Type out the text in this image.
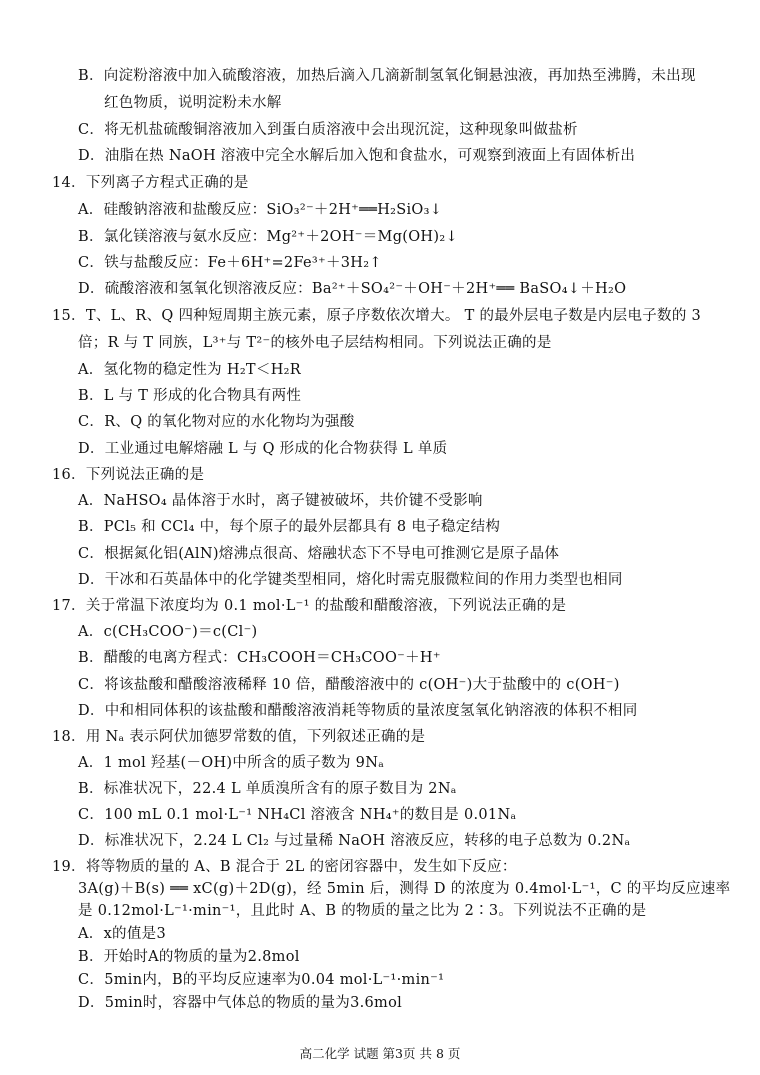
B．向淀粉溶液中加入硫酸溶液，加热后滴入几滴新制氢氧化铜悬浊液，再加热至沸腾，未出现
红色物质，说明淀粉未水解
C．将无机盐硫酸铜溶液加入到蛋白质溶液中会出现沉淀，这种现象叫做盐析
D．油脂在热 NaOH 溶液中完全水解后加入饱和食盐水，可观察到液面上有固体析出
14．下列离子方程式正确的是
A．硅酸钠溶液和盐酸反应：SiO₃²⁻＋2H⁺══H₂SiO₃↓
B．氯化镁溶液与氨水反应：Mg²⁺＋2OH⁻＝Mg(OH)₂↓
C．铁与盐酸反应：Fe＋6H⁺=2Fe³⁺＋3H₂↑
D．硫酸溶液和氢氧化钡溶液反应：Ba²⁺＋SO₄²⁻＋OH⁻＋2H⁺══ BaSO₄↓＋H₂O
15．T、L、R、Q 四种短周期主族元素，原子序数依次增大。 T 的最外层电子数是内层电子数的 3
倍；R 与 T 同族，L³⁺与 T²⁻的核外电子层结构相同。下列说法正确的是
A．氢化物的稳定性为 H₂T＜H₂R
B．L 与 T 形成的化合物具有两性
C．R、Q 的氧化物对应的水化物均为强酸
D．工业通过电解熔融 L 与 Q 形成的化合物获得 L 单质
16．下列说法正确的是
A．NaHSO₄ 晶体溶于水时，离子键被破坏，共价键不受影响
B．PCl₅ 和 CCl₄ 中，每个原子的最外层都具有 8 电子稳定结构
C．根据氮化铝(AlN)熔沸点很高、熔融状态下不导电可推测它是原子晶体
D．干冰和石英晶体中的化学键类型相同，熔化时需克服微粒间的作用力类型也相同
17．关于常温下浓度均为 0.1 mol·L⁻¹ 的盐酸和醋酸溶液，下列说法正确的是
A．c(CH₃COO⁻)＝c(Cl⁻)
B．醋酸的电离方程式：CH₃COOH＝CH₃COO⁻＋H⁺
C．将该盐酸和醋酸溶液稀释 10 倍，醋酸溶液中的 c(OH⁻)大于盐酸中的 c(OH⁻)
D．中和相同体积的该盐酸和醋酸溶液消耗等物质的量浓度氢氧化钠溶液的体积不相同
18．用 Nₐ 表示阿伏加德罗常数的值，下列叙述正确的是
A．1 mol 羟基(－OH)中所含的质子数为 9Nₐ
B．标准状况下，22.4 L 单质溴所含有的原子数目为 2Nₐ
C．100 mL 0.1 mol·L⁻¹ NH₄Cl 溶液含 NH₄⁺的数目是 0.01Nₐ
D．标准状况下，2.24 L Cl₂ 与过量稀 NaOH 溶液反应，转移的电子总数为 0.2Nₐ
19．将等物质的量的 A、B 混合于 2L 的密闭容器中，发生如下反应：
3A(g)＋B(s) ══ xC(g)＋2D(g)，经 5min 后，测得 D 的浓度为 0.4mol·L⁻¹，C 的平均反应速率
是 0.12mol·L⁻¹·min⁻¹，且此时 A、B 的物质的量之比为 2∶3。下列说法不正确的是
A．x的值是3
B．开始时A的物质的量为2.8mol
C．5min内，B的平均反应速率为0.04 mol·L⁻¹·min⁻¹
D．5min时，容器中气体总的物质的量为3.6mol
高二化学 试题 第3页 共 8 页
